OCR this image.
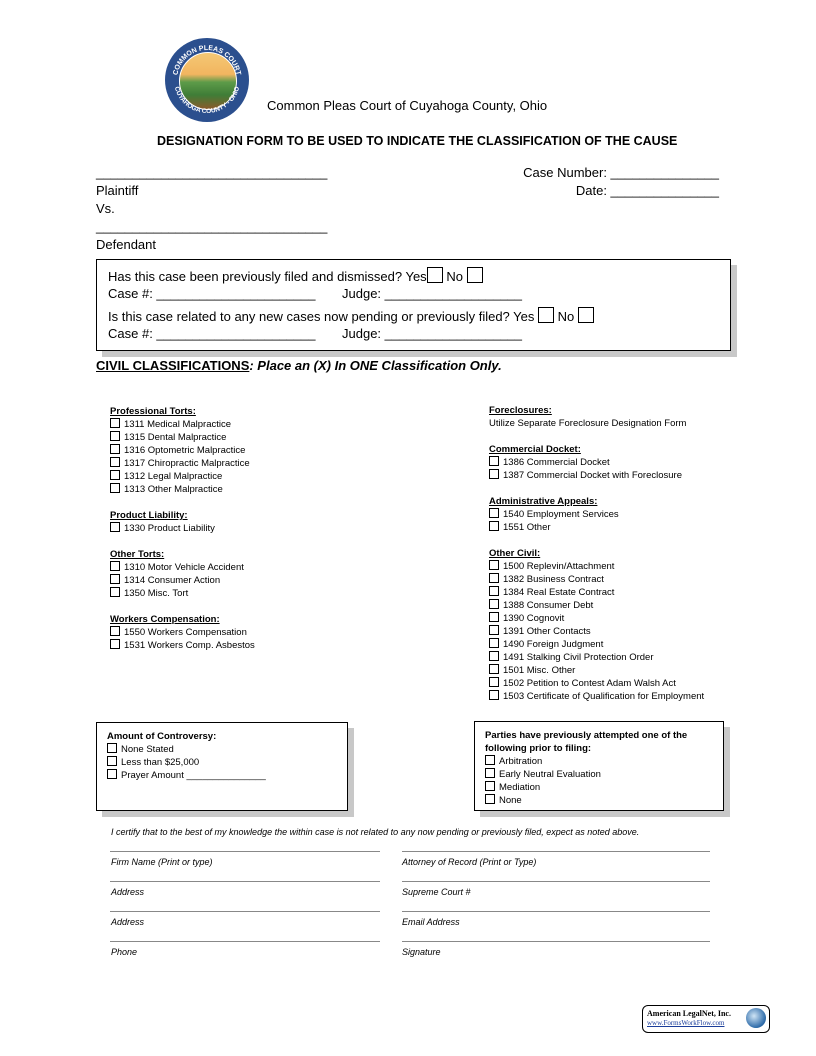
COMMON PLEAS COURT
CUYAHOGA COUNTY - OHIO
Common Pleas Court of Cuyahoga County, Ohio
DESIGNATION FORM TO BE USED TO INDICATE THE CLASSIFICATION OF THE CAUSE
________________________________
Plaintiff
Vs.
________________________________
Defendant
Case Number: _______________
Date: _______________
Has this case been previously filed and dismissed? Yes No
Case #: ______________________ Judge: ___________________
Is this case related to any new cases now pending or previously filed? Yes No
Case #: ______________________ Judge: ___________________
CIVIL CLASSIFICATIONS: Place an (X) In ONE Classification Only.
Professional Torts:
1311 Medical Malpractice
1315 Dental Malpractice
1316 Optometric Malpractice
1317 Chiropractic Malpractice
1312 Legal Malpractice
1313 Other Malpractice
Product Liability:
1330 Product Liability
Other Torts:
1310 Motor Vehicle Accident
1314 Consumer Action
1350 Misc. Tort
Workers Compensation:
1550 Workers Compensation
1531 Workers Comp. Asbestos
Foreclosures:
Utilize Separate Foreclosure Designation Form
Commercial Docket:
1386 Commercial Docket
1387 Commercial Docket with Foreclosure
Administrative Appeals:
1540 Employment Services
1551 Other
Other Civil:
1500 Replevin/Attachment
1382 Business Contract
1384 Real Estate Contract
1388 Consumer Debt
1390 Cognovit
1391 Other Contacts
1490 Foreign Judgment
1491 Stalking Civil Protection Order
1501 Misc. Other
1502 Petition to Contest Adam Walsh Act
1503 Certificate of Qualification for Employment
Amount of Controversy:
None Stated
Less than $25,000
Prayer Amount _______________
Parties have previously attempted one of the
following prior to filing:
Arbitration
Early Neutral Evaluation
Mediation
None
I certify that to the best of my knowledge the within case is not related to any now pending or previously filed, expect as noted above.
Firm Name (Print or type)	Attorney of Record (Print or Type)
Address	Supreme Court #
Address	Email Address
Phone	Signature
American LegalNet, Inc.
www.FormsWorkFlow.com
